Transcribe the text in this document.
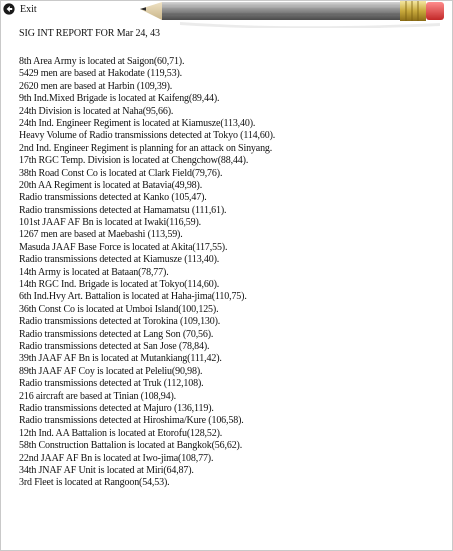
Exit
SIG INT REPORT FOR Mar 24, 43
8th Area Army is located at Saigon(60,71).
5429 men are based at Hakodate (119,53).
2620 men are based at Harbin (109,39).
9th Ind.Mixed Brigade is located at Kaifeng(89,44).
24th Division is located at Naha(95,66).
24th Ind. Engineer Regiment is located at Kiamusze(113,40).
Heavy Volume of Radio transmissions detected at Tokyo (114,60).
2nd Ind. Engineer Regiment is planning for an attack on Sinyang.
17th RGC Temp. Division is located at Chengchow(88,44).
38th Road Const Co is located at Clark Field(79,76).
20th AA Regiment is located at Batavia(49,98).
Radio transmissions detected at Kanko (105,47).
Radio transmissions detected at Hamamatsu (111,61).
101st JAAF AF Bn is located at Iwaki(116,59).
1267 men are based at Maebashi (113,59).
Masuda JAAF Base Force is located at Akita(117,55).
Radio transmissions detected at Kiamusze (113,40).
14th Army is located at Bataan(78,77).
14th RGC Ind. Brigade is located at Tokyo(114,60).
6th Ind.Hvy Art. Battalion is located at Haha-jima(110,75).
36th Const Co is located at Umboi Island(100,125).
Radio transmissions detected at Torokina (109,130).
Radio transmissions detected at Lang Son (70,56).
Radio transmissions detected at San Jose (78,84).
39th JAAF AF Bn is located at Mutankiang(111,42).
89th JAAF AF Coy is located at Peleliu(90,98).
Radio transmissions detected at Truk (112,108).
216 aircraft are based at Tinian (108,94).
Radio transmissions detected at Majuro (136,119).
Radio transmissions detected at Hiroshima/Kure (106,58).
12th Ind. AA Battalion is located at Etorofu(128,52).
58th Construction Battalion is located at Bangkok(56,62).
22nd JAAF AF Bn is located at Iwo-jima(108,77).
34th JNAF AF Unit is located at Miri(64,87).
3rd Fleet is located at Rangoon(54,53).
